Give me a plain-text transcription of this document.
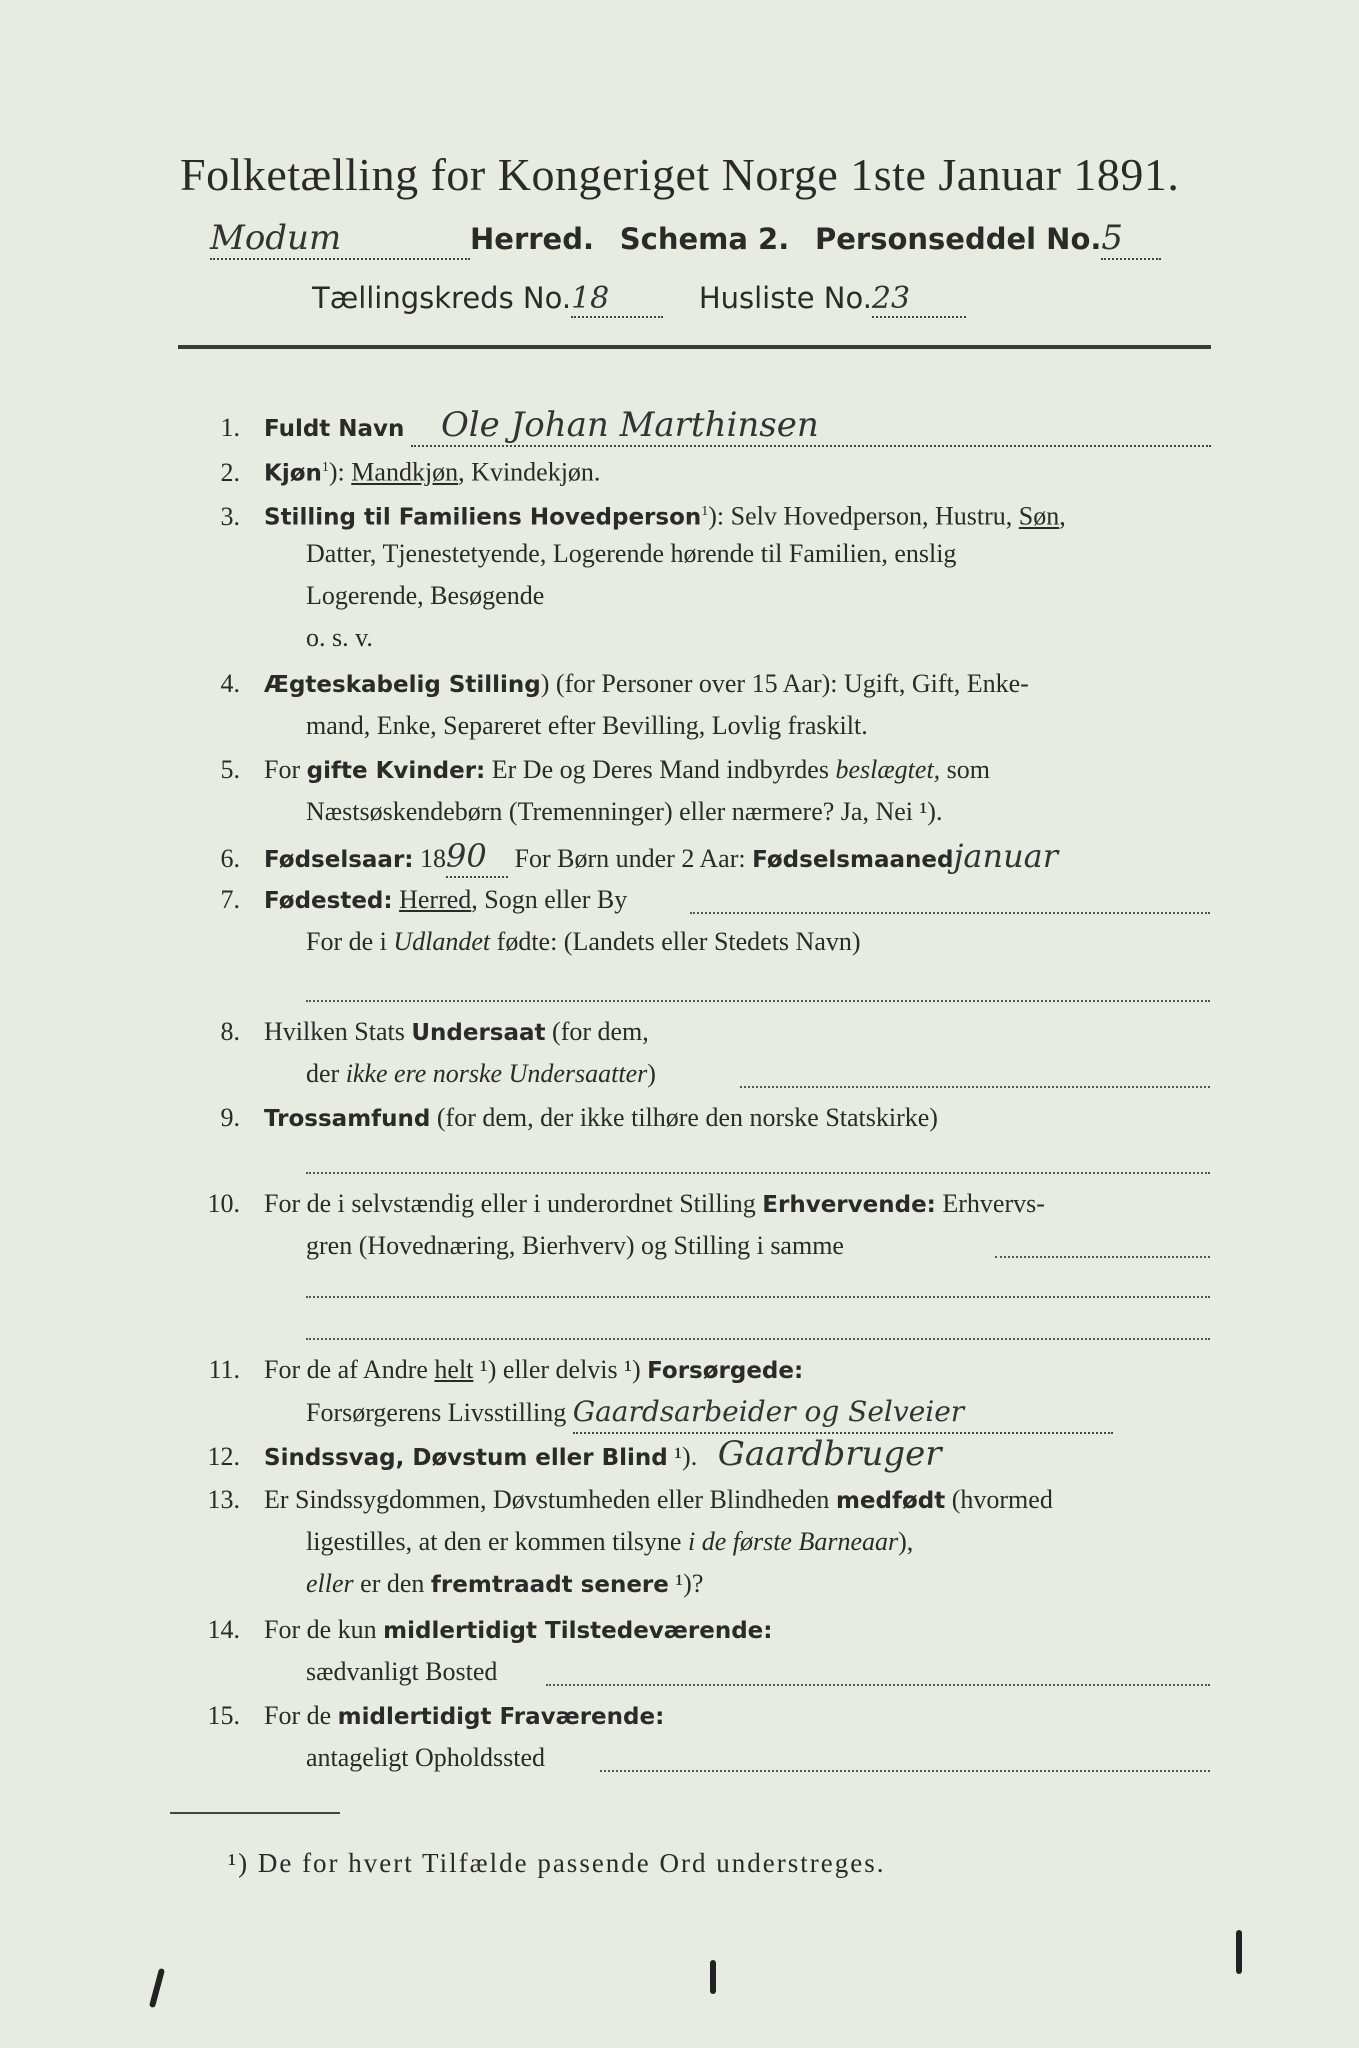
Folketælling for Kongeriget Norge 1ste Januar 1891.
Modum	Herred. Schema 2. Personseddel No.5
Tællingskreds No.18	Husliste No.23
1. Fuldt Navn Ole Johan Marthinsen
2. Kjøn$^1$): Mandkjøn, Kvindekjøn.
3. Stilling til Familiens Hovedperson$^1$): Selv Hovedperson, Hustru, Søn,
Datter, Tjenestetyende, Logerende hørende til Familien, enslig
Logerende, Besøgende
o. s. v.
4. Ægteskabelig Stilling) (for Personer over 15 Aar): Ugift, Gift, Enke-
mand, Enke, Separeret efter Bevilling, Lovlig fraskilt.
5. For gifte Kvinder: Er De og Deres Mand indbyrdes beslægtet, som
Næstsøskendebørn (Tremenninger) eller nærmere? Ja, Nei ¹).
6. Fødselsaar: 1890 For Børn under 2 Aar: Fødselsmaanedjanuar
7. Fødested: Herred, Sogn eller By
For de i Udlandet fødte: (Landets eller Stedets Navn)
8. Hvilken Stats Undersaat (for dem,
der ikke ere norske Undersaatter)
9. Trossamfund (for dem, der ikke tilhøre den norske Statskirke)
10. For de i selvstændig eller i underordnet Stilling Erhvervende: Erhvervs-
gren (Hovednæring, Bierhverv) og Stilling i samme
11. For de af Andre helt ¹) eller delvis ¹) Forsørgede:
Forsørgerens Livsstilling Gaardsarbeider og Selveier
12. Sindssvag, Døvstum eller Blind ¹). Gaardbruger
13. Er Sindssygdommen, Døvstumheden eller Blindheden medfødt (hvormed
ligestilles, at den er kommen tilsyne i de første Barneaar),
eller er den fremtraadt senere ¹)?
14. For de kun midlertidigt Tilstedeværende:
sædvanligt Bosted
15. For de midlertidigt Fraværende:
antageligt Opholdssted
¹) De for hvert Tilfælde passende Ord understreges.
